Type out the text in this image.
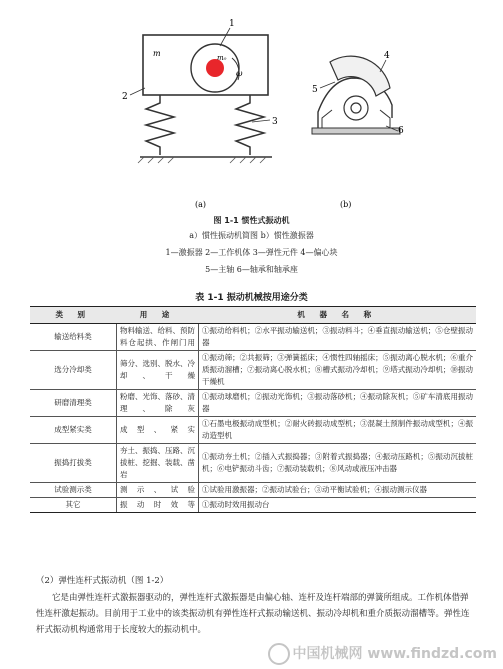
2
1
3
m	m₀
ω
(a)
5
4
6
(b)
图 1-1 惯性式振动机
a）惯性振动机简图 b）惯性激振器
1—激振器 2—工作机体 3—弹性元件 4—偏心块
5—主轴 6—轴承和轴承座
表 1-1 振动机械按用途分类
类 别	用 途	机 器 名 称
输送给料类	物料输送、给料、预防料仓起拱、作闸门用	①振动给料机；②水平振动输送机；③振动料斗；④垂直振动输送机；⑤仓壁振动器
选分冷却类	筛分、选别、脱水、冷却、干燥	①振动筛；②共振筛；③弹簧摇床；④惯性四轴摇床；⑤振动离心脱水机；⑥重介质振动溜槽；⑦振动离心脱水机；⑧槽式振动冷却机；⑨塔式振动冷却机；⑩振动干燥机
研磨清理类	粉磨、光饰、落砂、清理、除灰	①振动球磨机；②振动光饰机；③振动落砂机；④振动除灰机；⑤矿车清底用振动器
成型紧实类	成型、紧实	①石墨电极振动成型机；②耐火砖振动成型机；③混凝土预制件振动成型机；④振动造型机
振捣打拔类	夯土、振捣、压路、沉拔桩、挖掘、装载、凿岩	①振动夯土机；②插入式振捣器；③附着式振捣器；④振动压路机；⑤振动沉拔桩机；⑥电铲振动斗齿；⑦振动装载机；⑧风动或液压冲击器
试验测示类	测示、试验	①试验用激振器；②振动试验台；③动平衡试验机；④振动测示仪器
其它	振动时效等	①振动时效用振动台
（2）弹性连杆式振动机（图 1-2）
它是由弹性连杆式激振器驱动的，弹性连杆式激振器是由偏心轴、连杆及连杆端部的弹簧所组成。工作机体借弹性连杆激起振动。目前用于工业中的该类振动机有弹性连杆式振动输送机、振动冷却机和重介质振动溜槽等。弹性连杆式振动机构通常用于长度较大的振动机中。
中国机械网 www.findzd.com
